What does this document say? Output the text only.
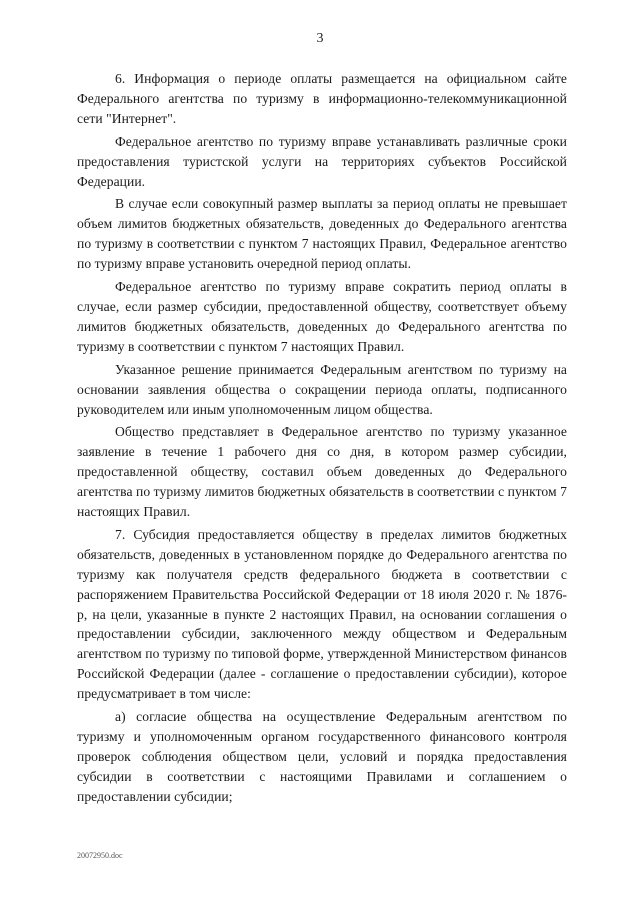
3

6. Информация о периоде оплаты размещается на официальном сайте Федерального агентства по туризму в информационно-телекоммуникационной сети "Интернет".

Федеральное агентство по туризму вправе устанавливать различные сроки предоставления туристской услуги на территориях субъектов Российской Федерации.

В случае если совокупный размер выплаты за период оплаты не превышает объем лимитов бюджетных обязательств, доведенных до Федерального агентства по туризму в соответствии с пунктом 7 настоящих Правил, Федеральное агентство по туризму вправе установить очередной период оплаты.

Федеральное агентство по туризму вправе сократить период оплаты в случае, если размер субсидии, предоставленной обществу, соответствует объему лимитов бюджетных обязательств, доведенных до Федерального агентства по туризму в соответствии с пунктом 7 настоящих Правил.

Указанное решение принимается Федеральным агентством по туризму на основании заявления общества о сокращении периода оплаты, подписанного руководителем или иным уполномоченным лицом общества.

Общество представляет в Федеральное агентство по туризму указанное заявление в течение 1 рабочего дня со дня, в котором размер субсидии, предоставленной обществу, составил объем доведенных до Федерального агентства по туризму лимитов бюджетных обязательств в соответствии с пунктом 7 настоящих Правил.

7. Субсидия предоставляется обществу в пределах лимитов бюджетных обязательств, доведенных в установленном порядке до Федерального агентства по туризму как получателя средств федерального бюджета в соответствии с распоряжением Правительства Российской Федерации от 18 июля 2020 г. № 1876-р, на цели, указанные в пункте 2 настоящих Правил, на основании соглашения о предоставлении субсидии, заключенного между обществом и Федеральным агентством по туризму по типовой форме, утвержденной Министерством финансов Российской Федерации (далее - соглашение о предоставлении субсидии), которое предусматривает в том числе:

а) согласие общества на осуществление Федеральным агентством по туризму и уполномоченным органом государственного финансового контроля проверок соблюдения обществом цели, условий и порядка предоставления субсидии в соответствии с настоящими Правилами и соглашением о предоставлении субсидии;

20072950.doc
